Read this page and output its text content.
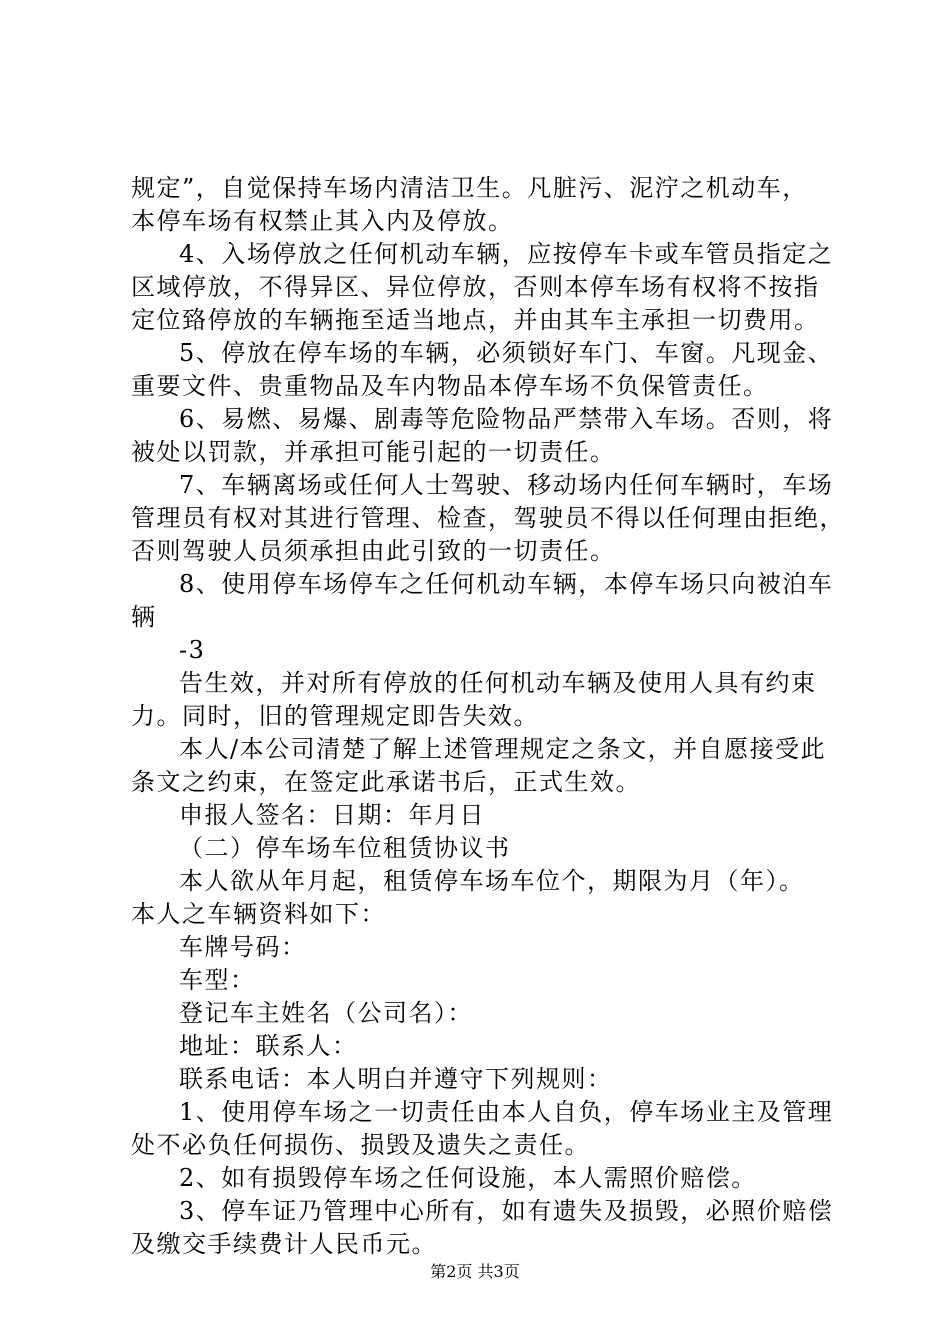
规定”，自觉保持车场内清洁卫生。凡脏污、泥泞之机动车，
本停车场有权禁止其入内及停放。
4、入场停放之任何机动车辆，应按停车卡或车管员指定之
区域停放，不得异区、异位停放，否则本停车场有权将不按指
定位臵停放的车辆拖至适当地点，并由其车主承担一切费用。
5、停放在停车场的车辆，必须锁好车门、车窗。凡现金、
重要文件、贵重物品及车内物品本停车场不负保管责任。
6、易燃、易爆、剧毒等危险物品严禁带入车场。否则，将
被处以罚款，并承担可能引起的一切责任。
7、车辆离场或任何人士驾驶、移动场内任何车辆时，车场
管理员有权对其进行管理、检查，驾驶员不得以任何理由拒绝，
否则驾驶人员须承担由此引致的一切责任。
8、使用停车场停车之任何机动车辆，本停车场只向被泊车
辆
-3
告生效，并对所有停放的任何机动车辆及使用人具有约束
力。同时，旧的管理规定即告失效。
本人/本公司清楚了解上述管理规定之条文，并自愿接受此
条文之约束，在签定此承诺书后，正式生效。
申报人签名：日期：年月日
（二）停车场车位租赁协议书
本人欲从年月起，租赁停车场车位个，期限为月（年）。
本人之车辆资料如下：
车牌号码：
车型：
登记车主姓名（公司名）：
地址：联系人：
联系电话：本人明白并遵守下列规则：
1、使用停车场之一切责任由本人自负，停车场业主及管理
处不必负任何损伤、损毁及遗失之责任。
2、如有损毁停车场之任何设施，本人需照价赔偿。
3、停车证乃管理中心所有，如有遗失及损毁，必照价赔偿
及缴交手续费计人民币元。
第2页 共3页
